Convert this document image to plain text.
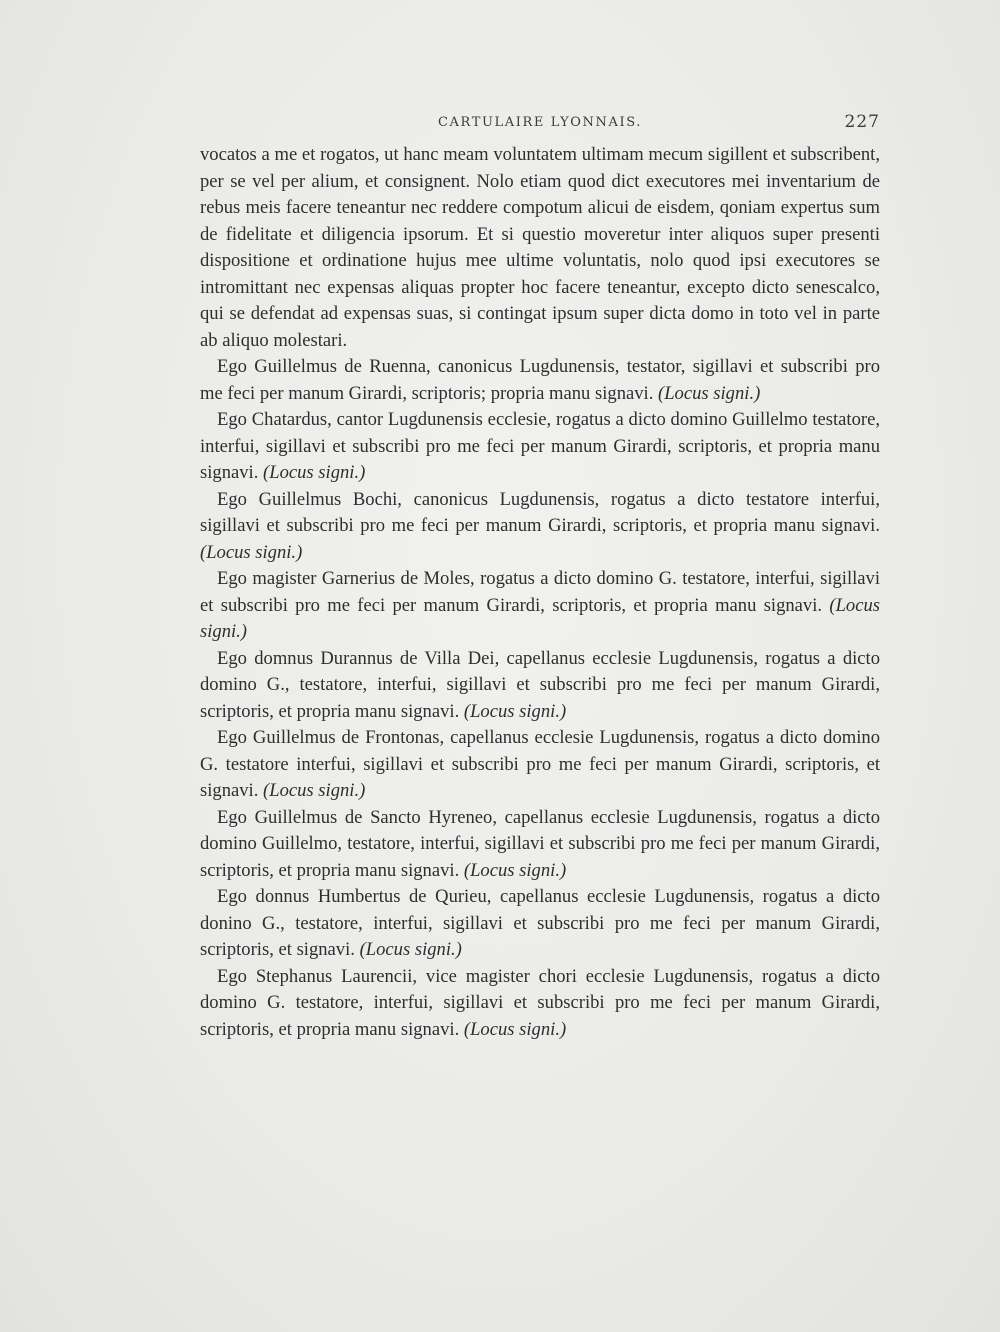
CARTULAIRE LYONNAIS.	227

vocatos a me et rogatos, ut hanc meam voluntatem ultimam mecum sigillent et subscribent, per se vel per alium, et consignent. Nolo etiam quod dict executores mei inventarium de rebus meis facere teneantur nec reddere compotum alicui de eisdem, qoniam expertus sum de fidelitate et diligencia ipsorum. Et si questio moveretur inter aliquos super presenti dispositione et ordinatione hujus mee ultime voluntatis, nolo quod ipsi executores se intromittant nec expensas aliquas propter hoc facere teneantur, excepto dicto senescalco, qui se defendat ad expensas suas, si contingat ipsum super dicta domo in toto vel in parte ab aliquo molestari.

Ego Guillelmus de Ruenna, canonicus Lugdunensis, testator, sigillavi et subscribi pro me feci per manum Girardi, scriptoris; propria manu signavi. (Locus signi.)

Ego Chatardus, cantor Lugdunensis ecclesie, rogatus a dicto domino Guillelmo testatore, interfui, sigillavi et subscribi pro me feci per manum Girardi, scriptoris, et propria manu signavi. (Locus signi.)

Ego Guillelmus Bochi, canonicus Lugdunensis, rogatus a dicto testatore interfui, sigillavi et subscribi pro me feci per manum Girardi, scriptoris, et propria manu signavi. (Locus signi.)

Ego magister Garnerius de Moles, rogatus a dicto domino G. testatore, interfui, sigillavi et subscribi pro me feci per manum Girardi, scriptoris, et propria manu signavi. (Locus signi.)

Ego domnus Durannus de Villa Dei, capellanus ecclesie Lugdunensis, rogatus a dicto domino G., testatore, interfui, sigillavi et subscribi pro me feci per manum Girardi, scriptoris, et propria manu signavi. (Locus signi.)

Ego Guillelmus de Frontonas, capellanus ecclesie Lugdunensis, rogatus a dicto domino G. testatore interfui, sigillavi et subscribi pro me feci per manum Girardi, scriptoris, et signavi. (Locus signi.)

Ego Guillelmus de Sancto Hyreneo, capellanus ecclesie Lugdunensis, rogatus a dicto domino Guillelmo, testatore, interfui, sigillavi et subscribi pro me feci per manum Girardi, scriptoris, et propria manu signavi. (Locus signi.)

Ego donnus Humbertus de Qurieu, capellanus ecclesie Lugdunensis, rogatus a dicto donino G., testatore, interfui, sigillavi et subscribi pro me feci per manum Girardi, scriptoris, et signavi. (Locus signi.)

Ego Stephanus Laurencii, vice magister chori ecclesie Lugdunensis, rogatus a dicto domino G. testatore, interfui, sigillavi et subscribi pro me feci per manum Girardi, scriptoris, et propria manu signavi. (Locus signi.)
